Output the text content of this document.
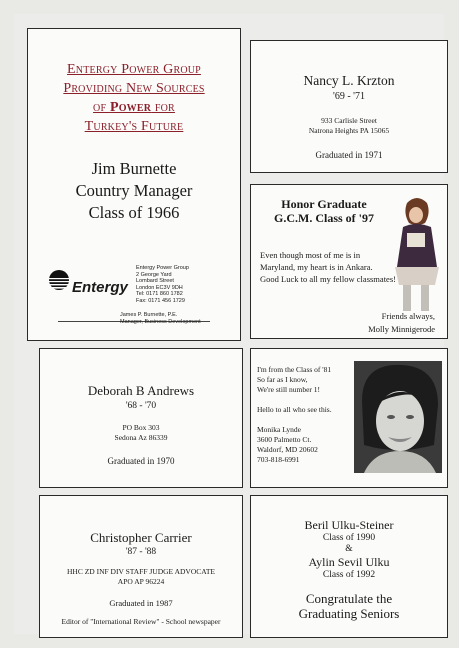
Entergy Power Group
Providing New Sources
of Power for
Turkey's Future
Jim Burnette
Country Manager
Class of 1966
Entergy
Entergy Power Group
2 George Yard
Lombard Street
London EC3V 9DH
Tel: 0171 860 1782
Fax: 0171 456 1729
James P. Burnette, P.E.
Manager, Business Development
Nancy L. Krzton
'69 - '71
933 Carlisle Street
Natrona Heights PA 15065
Graduated in 1971
Honor Graduate
G.C.M. Class of '97
Even though most of me is in
Maryland, my heart is in Ankara.
Good Luck to all my fellow classmates!
Friends always,
Molly Minnigerode
Deborah B Andrews
'68 - '70
PO Box 303
Sedona Az 86339
Graduated in 1970
I'm from the Class of '81
So far as I know,
We're still number 1!
Hello to all who see this.
Monika Lynde
3600 Palmetto Ct.
Waldorf, MD 20602
703-818-6991
Christopher Carrier
'87 - '88
HHC ZD INF DIV STAFF JUDGE ADVOCATE
APO AP 96224
Graduated in 1987
Editor of "International Review" - School newspaper
Beril Ulku-Steiner
Class of 1990
&
Aylin Sevil Ulku
Class of 1992
Congratulate the
Graduating Seniors
